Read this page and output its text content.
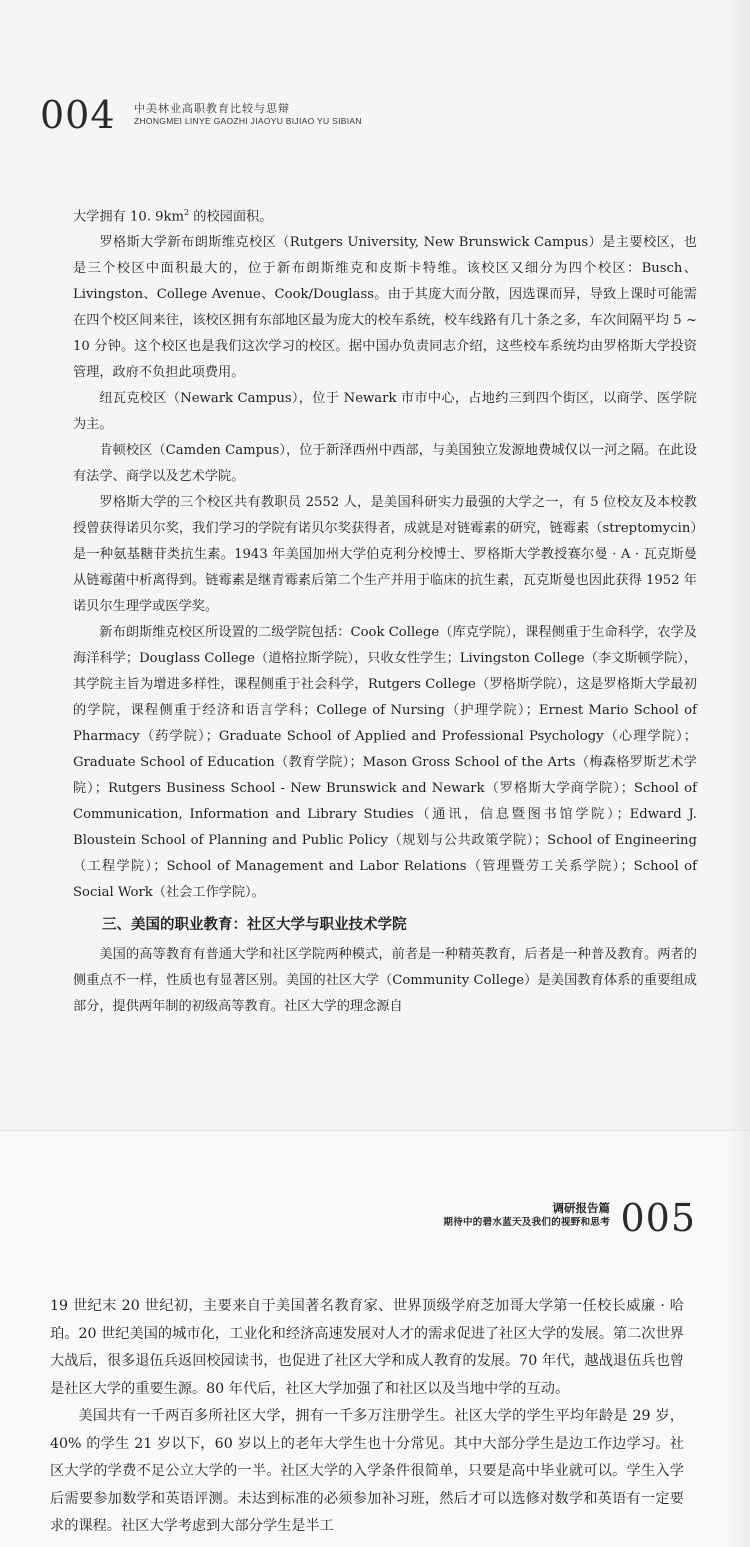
004 中美林业高职教育比较与思辩
ZHONGMEI LINYE GAOZHI JIAOYU BIJIAO YU SIBIAN

大学拥有 10. $9km^2$ 的校园面积。

罗格斯大学新布朗斯维克校区（Rutgers University, New Brunswick Campus）是主要校区，也是三个校区中面积最大的，位于新布朗斯维克和皮斯卡特维。该校区又细分为四个校区：Busch、Livingston、College Avenue、Cook/Douglass。由于其庞大而分散，因选课而异，导致上课时可能需在四个校区间来往，该校区拥有东部地区最为庞大的校车系统，校车线路有几十条之多，车次间隔平均 5 ~ 10 分钟。这个校区也是我们这次学习的校区。据中国办负责同志介绍，这些校车系统均由罗格斯大学投资管理，政府不负担此项费用。

纽瓦克校区（Newark Campus），位于 Newark 市市中心，占地约三到四个街区，以商学、医学院为主。

肯顿校区（Camden Campus），位于新泽西州中西部，与美国独立发源地费城仅以一河之隔。在此设有法学、商学以及艺术学院。

罗格斯大学的三个校区共有教职员 2552 人，是美国科研实力最强的大学之一，有 5 位校友及本校教授曾获得诺贝尔奖，我们学习的学院有诺贝尔奖获得者，成就是对链霉素的研究，链霉素（streptomycin）是一种氨基糖苷类抗生素。1943 年美国加州大学伯克利分校博士、罗格斯大学教授赛尔曼 · A · 瓦克斯曼从链霉菌中析离得到。链霉素是继青霉素后第二个生产并用于临床的抗生素，瓦克斯曼也因此获得 1952 年诺贝尔生理学或医学奖。

新布朗斯维克校区所设置的二级学院包括：Cook College（库克学院），课程侧重于生命科学，农学及海洋科学；Douglass College（道格拉斯学院），只收女性学生；Livingston College（李文斯顿学院），其学院主旨为增进多样性，课程侧重于社会科学，Rutgers College（罗格斯学院），这是罗格斯大学最初的学院，课程侧重于经济和语言学科；College of Nursing（护理学院）；Ernest Mario School of Pharmacy（药学院）；Graduate School of Applied and Professional Psychology（心理学院）；Graduate School of Education（教育学院）；Mason Gross School of the Arts（梅森格罗斯艺术学院）；Rutgers Business School - New Brunswick and Newark（罗格斯大学商学院）；School of Communication, Information and Library Studies（通讯，信息暨图书馆学院）；Edward J. Bloustein School of Planning and Public Policy（规划与公共政策学院）；School of Engineering（工程学院）；School of Management and Labor Relations（管理暨劳工关系学院）；School of Social Work（社会工作学院）。

三、美国的职业教育：社区大学与职业技术学院

美国的高等教育有普通大学和社区学院两种模式，前者是一种精英教育，后者是一种普及教育。两者的侧重点不一样，性质也有显著区别。美国的社区大学（Community College）是美国教育体系的重要组成部分，提供两年制的初级高等教育。社区大学的理念源自

调研报告篇
期待中的碧水蓝天及我们的视野和思考 005

19 世纪末 20 世纪初，主要来自于美国著名教育家、世界顶级学府芝加哥大学第一任校长威廉 · 哈珀。20 世纪美国的城市化，工业化和经济高速发展对人才的需求促进了社区大学的发展。第二次世界大战后，很多退伍兵返回校园读书，也促进了社区大学和成人教育的发展。70 年代，越战退伍兵也曾是社区大学的重要生源。80 年代后，社区大学加强了和社区以及当地中学的互动。

美国共有一千两百多所社区大学，拥有一千多万注册学生。社区大学的学生平均年龄是 29 岁，40% 的学生 21 岁以下，60 岁以上的老年大学生也十分常见。其中大部分学生是边工作边学习。社区大学的学费不足公立大学的一半。社区大学的入学条件很简单，只要是高中毕业就可以。学生入学后需要参加数学和英语评测。未达到标准的必须参加补习班，然后才可以选修对数学和英语有一定要求的课程。社区大学考虑到大部分学生是半工
